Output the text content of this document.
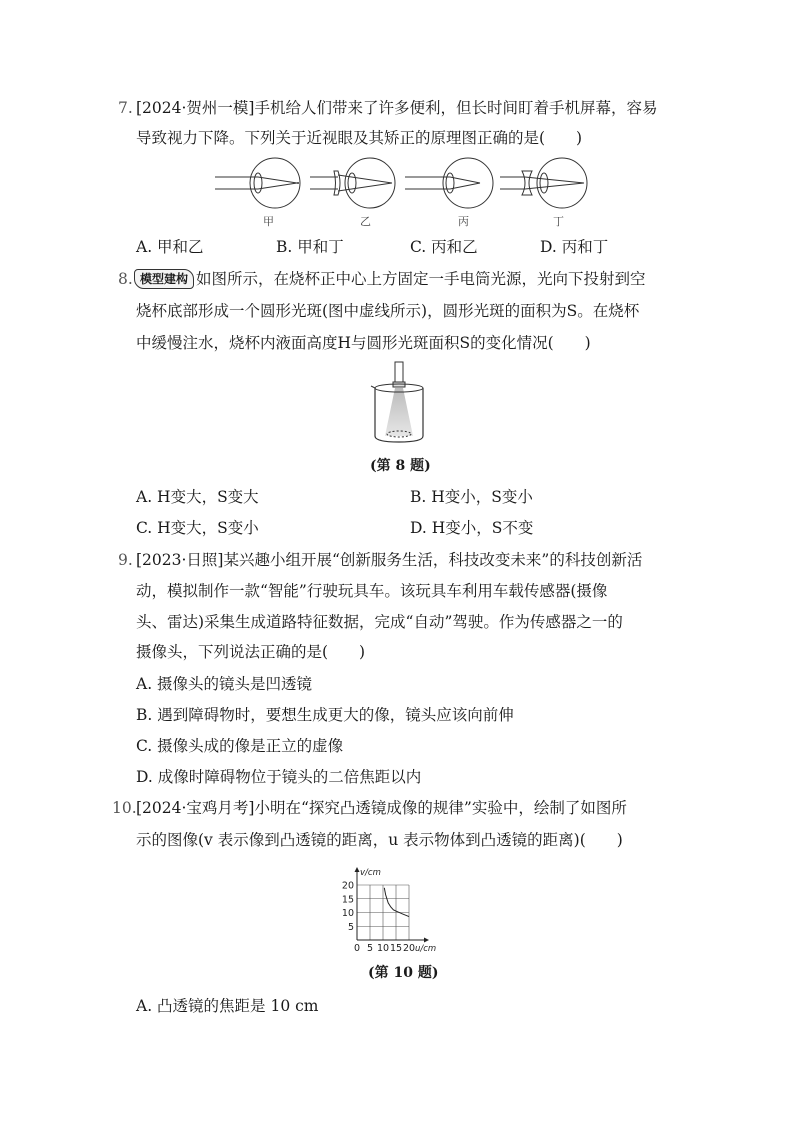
7. [2024·贺州一模]手机给人们带来了许多便利，但长时间盯着手机屏幕，容易
导致视力下降。下列关于近视眼及其矫正的原理图正确的是(　　)
甲	乙	丙	丁
A. 甲和乙	B. 甲和丁	C. 丙和乙	D. 丙和丁
8. 模型建构 如图所示，在烧杯正中心上方固定一手电筒光源，光向下投射到空
烧杯底部形成一个圆形光斑(图中虚线所示)，圆形光斑的面积为S。在烧杯
中缓慢注水，烧杯内液面高度H与圆形光斑面积S的变化情况(　　)
(第 8 题)
A. H变大，S变大	B. H变小，S变小
C. H变大，S变小	D. H变小，S不变
9. [2023·日照]某兴趣小组开展“创新服务生活，科技改变未来”的科技创新活
动，模拟制作一款“智能”行驶玩具车。该玩具车利用车载传感器(摄像
头、雷达)采集生成道路特征数据，完成“自动”驾驶。作为传感器之一的
摄像头，下列说法正确的是(　　)
A. 摄像头的镜头是凹透镜
B. 遇到障碍物时，要想生成更大的像，镜头应该向前伸
C. 摄像头成的像是正立的虚像
D. 成像时障碍物位于镜头的二倍焦距以内
10. [2024·宝鸡月考]小明在“探究凸透镜成像的规律”实验中，绘制了如图所
示的图像(v 表示像到凸透镜的距离，u 表示物体到凸透镜的距离)(　　)
0 5 10 15 20
5
10
15
20
u/cm
v/cm
(第 10 题)
A. 凸透镜的焦距是 10 cm
